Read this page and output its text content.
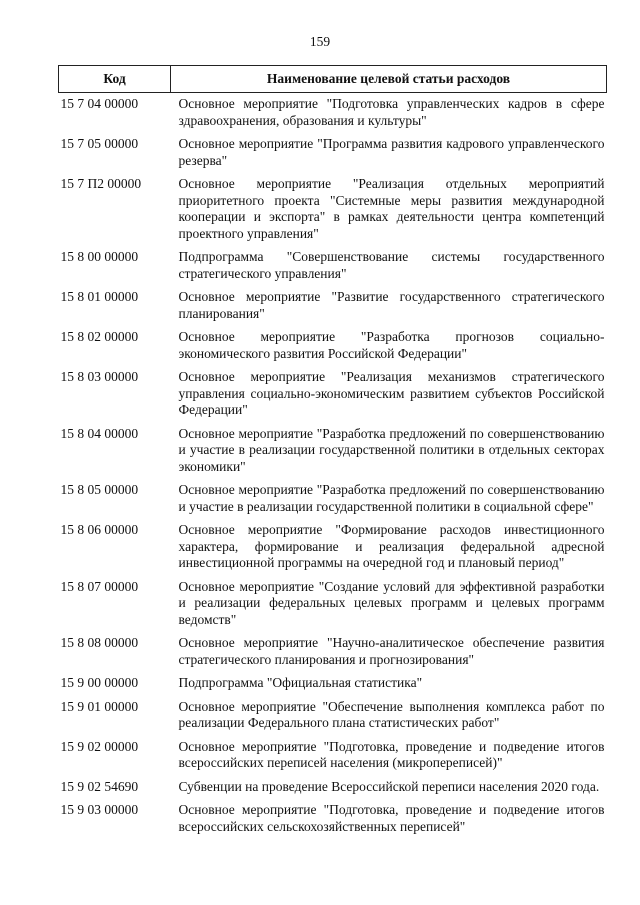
159
Код	Наименование целевой статьи расходов
15 7 04 00000	Основное мероприятие "Подготовка управленческих кадров в сфере здравоохранения, образования и культуры"
15 7 05 00000	Основное мероприятие "Программа развития кадрового управленческого резерва"
15 7 П2 00000	Основное мероприятие "Реализация отдельных мероприятий приоритетного проекта "Системные меры развития международной кооперации и экспорта" в рамках деятельности центра компетенций проектного управления"
15 8 00 00000	Подпрограмма "Совершенствование системы государственного стратегического управления"
15 8 01 00000	Основное мероприятие "Развитие государственного стратегического планирования"
15 8 02 00000	Основное мероприятие "Разработка прогнозов социально-экономического развития Российской Федерации"
15 8 03 00000	Основное мероприятие "Реализация механизмов стратегического управления социально-экономическим развитием субъектов Российской Федерации"
15 8 04 00000	Основное мероприятие "Разработка предложений по совершенствованию и участие в реализации государственной политики в отдельных секторах экономики"
15 8 05 00000	Основное мероприятие "Разработка предложений по совершенствованию и участие в реализации государственной политики в социальной сфере"
15 8 06 00000	Основное мероприятие "Формирование расходов инвестиционного характера, формирование и реализация федеральной адресной инвестиционной программы на очередной год и плановый период"
15 8 07 00000	Основное мероприятие "Создание условий для эффективной разработки и реализации федеральных целевых программ и целевых программ ведомств"
15 8 08 00000	Основное мероприятие "Научно-аналитическое обеспечение развития стратегического планирования и прогнозирования"
15 9 00 00000	Подпрограмма "Официальная статистика"
15 9 01 00000	Основное мероприятие "Обеспечение выполнения комплекса работ по реализации Федерального плана статистических работ"
15 9 02 00000	Основное мероприятие "Подготовка, проведение и подведение итогов всероссийских переписей населения (микропереписей)"
15 9 02 54690	Субвенции на проведение Всероссийской переписи населения 2020 года.
15 9 03 00000	Основное мероприятие "Подготовка, проведение и подведение итогов всероссийских сельскохозяйственных переписей"
